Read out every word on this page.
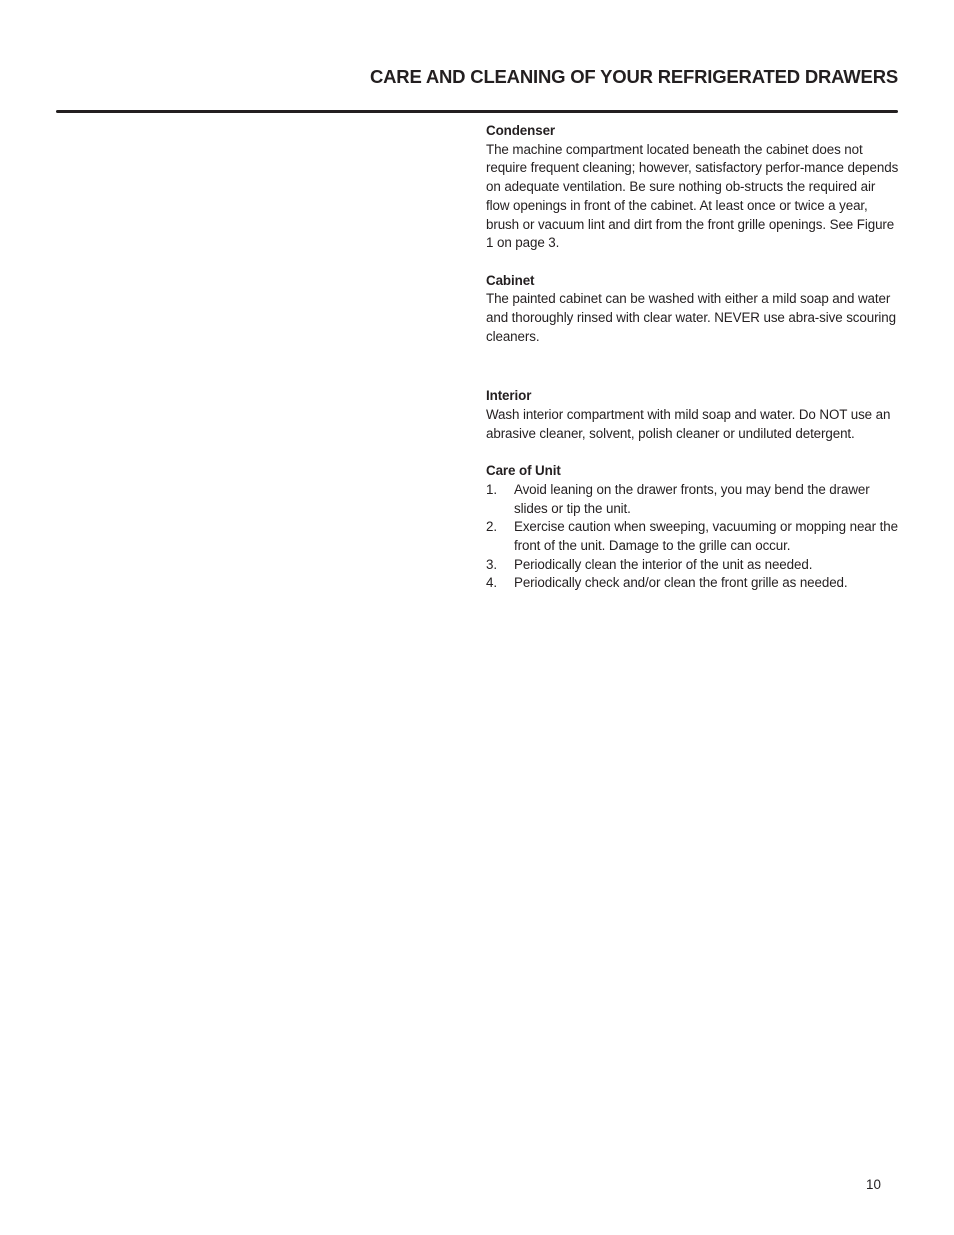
CARE AND CLEANING OF YOUR REFRIGERATED DRAWERS
Condenser
The machine compartment located beneath the cabinet does not require frequent cleaning; however, satisfactory perfor-mance depends on adequate ventilation. Be sure nothing ob-structs the required air flow openings in front of the cabinet. At least once or twice a year, brush or vacuum lint and dirt from the front grille openings. See Figure 1 on page 3.
Cabinet
The painted cabinet can be washed with either a mild soap and water and thoroughly rinsed with clear water. NEVER use abra-sive scouring cleaners.
Interior
Wash interior compartment with mild soap and water. Do NOT use an abrasive cleaner, solvent, polish cleaner or undiluted detergent.
Care of Unit
1.	Avoid leaning on the drawer fronts, you may bend the drawer slides or tip the unit.
2.	Exercise caution when sweeping, vacuuming or mopping near the front of the unit. Damage to the grille can occur.
3.	Periodically clean the interior of the unit as needed.
4.	Periodically check and/or clean the front grille as needed.
10
